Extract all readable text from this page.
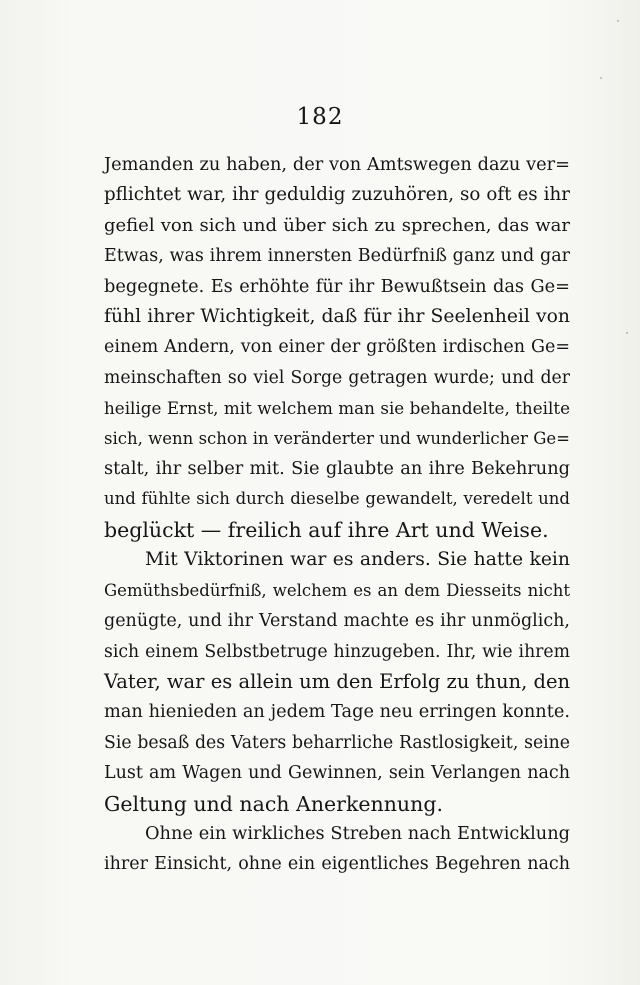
182

Jemanden zu haben, der von Amtswegen dazu ver=
pflichtet war, ihr geduldig zuzuhören, so oft es ihr
gefiel von sich und über sich zu sprechen, das war
Etwas, was ihrem innersten Bedürfniß ganz und gar
begegnete. Es erhöhte für ihr Bewußtsein das Ge=
fühl ihrer Wichtigkeit, daß für ihr Seelenheil von
einem Andern, von einer der größten irdischen Ge=
meinschaften so viel Sorge getragen wurde; und der
heilige Ernst, mit welchem man sie behandelte, theilte
sich, wenn schon in veränderter und wunderlicher Ge=
stalt, ihr selber mit. Sie glaubte an ihre Bekehrung
und fühlte sich durch dieselbe gewandelt, veredelt und
beglückt — freilich auf ihre Art und Weise.

Mit Viktorinen war es anders. Sie hatte kein
Gemüthsbedürfniß, welchem es an dem Diesseits nicht
genügte, und ihr Verstand machte es ihr unmöglich,
sich einem Selbstbetruge hinzugeben. Ihr, wie ihrem
Vater, war es allein um den Erfolg zu thun, den
man hienieden an jedem Tage neu erringen konnte.
Sie besaß des Vaters beharrliche Rastlosigkeit, seine
Lust am Wagen und Gewinnen, sein Verlangen nach
Geltung und nach Anerkennung.

Ohne ein wirkliches Streben nach Entwicklung
ihrer Einsicht, ohne ein eigentliches Begehren nach
